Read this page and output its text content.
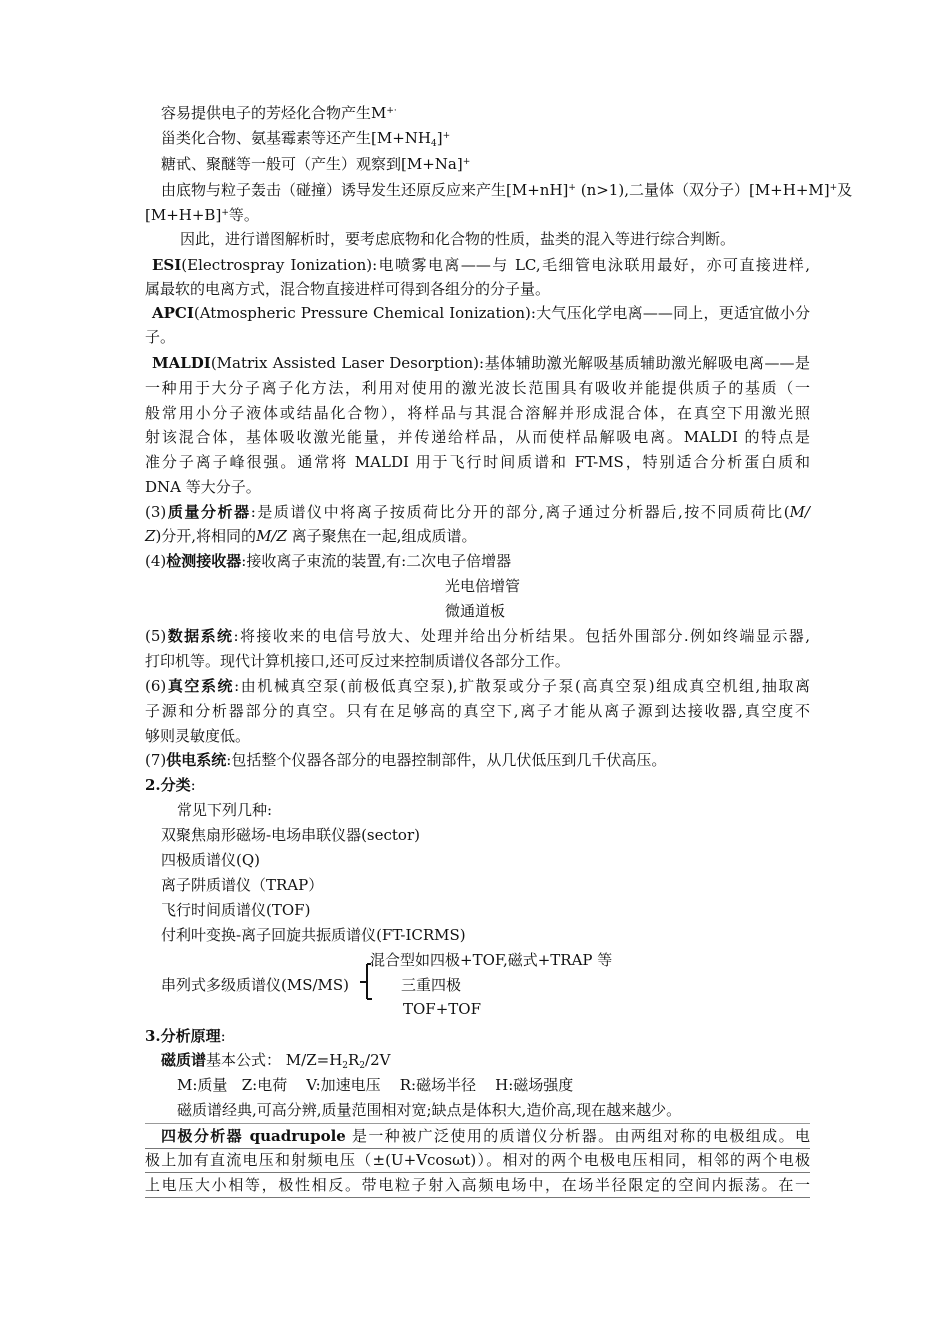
容易提供电子的芳烃化合物产生M+·
甾类化合物、氨基霉素等还产生$[M+NH_4]^+$
糖甙、聚醚等一般可（产生）观察到[M+Na]+
由底物与粒子轰击（碰撞）诱导发生还原反应来产生[M+nH]+ (n>1),二量体（双分子）[M+H+M]+及
[M+H+B]+等。
因此，进行谱图解析时，要考虑底物和化合物的性质，盐类的混入等进行综合判断。
ESI(Electrospray Ionization):电喷雾电离——与 LC,毛细管电泳联用最好，亦可直接进样,
属最软的电离方式，混合物直接进样可得到各组分的分子量。
APCI(Atmospheric Pressure Chemical Ionization):大气压化学电离——同上，更适宜做小分
子。
MALDI(Matrix Assisted Laser Desorption):基体辅助激光解吸基质辅助激光解吸电离——是
一种用于大分子离子化方法，利用对使用的激光波长范围具有吸收并能提供质子的基质（一
般常用小分子液体或结晶化合物），将样品与其混合溶解并形成混合体，在真空下用激光照
射该混合体，基体吸收激光能量，并传递给样品，从而使样品解吸电离。MALDI 的特点是
准分子离子峰很强。通常将 MALDI 用于飞行时间质谱和 FT-MS，特别适合分析蛋白质和
DNA 等大分子。
(3)质量分析器:是质谱仪中将离子按质荷比分开的部分,离子通过分析器后,按不同质荷比(M/
Z)分开,将相同的M/Z 离子聚焦在一起,组成质谱。
(4)检测接收器:接收离子束流的装置,有:二次电子倍增器
光电倍增管
微通道板
(5)数据系统:将接收来的电信号放大、处理并给出分析结果。包括外围部分.例如终端显示器,
打印机等。现代计算机接口,还可反过来控制质谱仪各部分工作。
(6)真空系统:由机械真空泵(前极低真空泵),扩散泵或分子泵(高真空泵)组成真空机组,抽取离
子源和分析器部分的真空。只有在足够高的真空下,离子才能从离子源到达接收器,真空度不
够则灵敏度低。
(7)供电系统:包括整个仪器各部分的电器控制部件，从几伏低压到几千伏高压。
2.分类:
常见下列几种:
双聚焦扇形磁场-电场串联仪器(sector)
四极质谱仪(Q)
离子阱质谱仪（TRAP）
飞行时间质谱仪(TOF)
付利叶变换-离子回旋共振质谱仪(FT-ICRMS)
混合型如四极+TOF,磁式+TRAP 等
串列式多级质谱仪(MS/MS)	三重四极
TOF+TOF
3.分析原理:
磁质谱基本公式： $M/Z=H_2R_2/2V$
M:质量   Z:电荷    V:加速电压    R:磁场半径    H:磁场强度
磁质谱经典,可高分辨,质量范围相对宽;缺点是体积大,造价高,现在越来越少。
四极分析器 quadrupole 是一种被广泛使用的质谱仪分析器。由两组对称的电极组成。电
极上加有直流电压和射频电压（±(U+Vcosωt)）。相对的两个电极电压相同，相邻的两个电极
上电压大小相等，极性相反。带电粒子射入高频电场中，在场半径限定的空间内振荡。在一
